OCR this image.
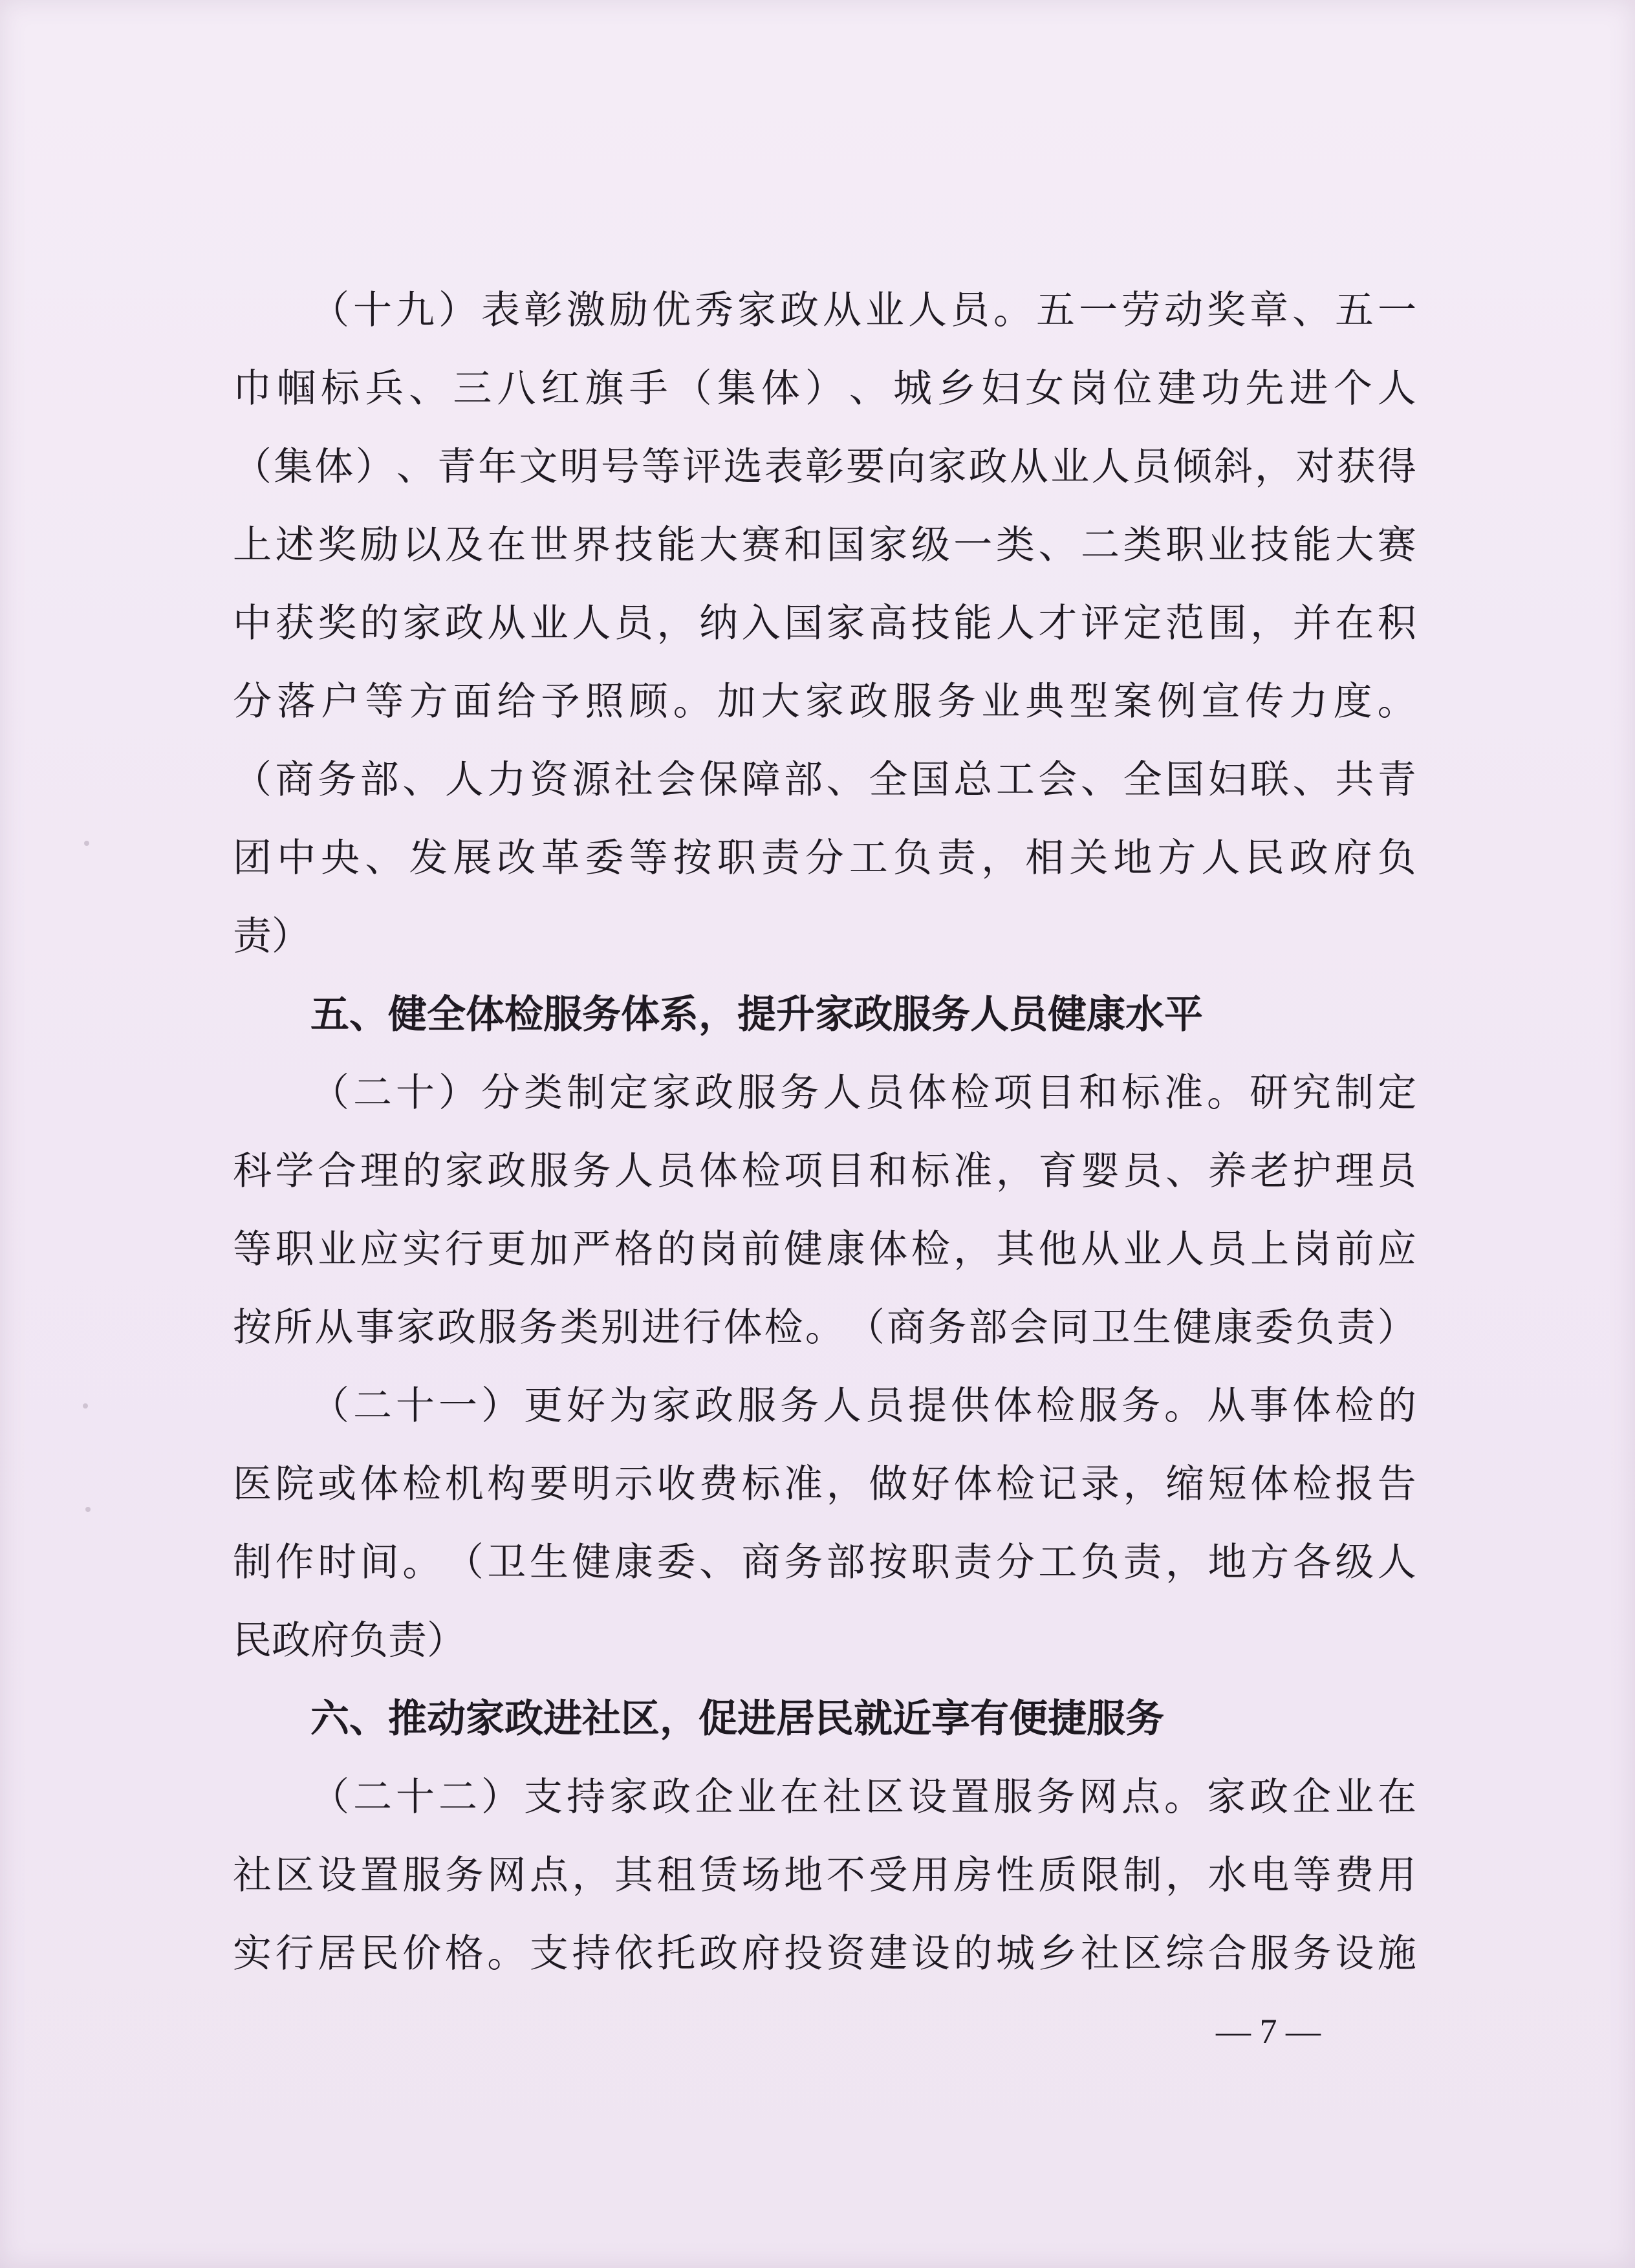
（ 十 九 ） 表 彰 激 励 优 秀 家 政 从 业 人 员 。 五 一 劳 动 奖 章 、 五 一
巾 帼 标 兵 、 三 八 红 旗 手 （ 集 体 ） 、 城 乡 妇 女 岗 位 建 功 先 进 个 人
（ 集 体 ） 、 青 年 文 明 号 等 评 选 表 彰 要 向 家 政 从 业 人 员 倾 斜 ， 对 获 得
上 述 奖 励 以 及 在 世 界 技 能 大 赛 和 国 家 级 一 类 、 二 类 职 业 技 能 大 赛
中 获 奖 的 家 政 从 业 人 员 ， 纳 入 国 家 高 技 能 人 才 评 定 范 围 ， 并 在 积
分 落 户 等 方 面 给 予 照 顾 。 加 大 家 政 服 务 业 典 型 案 例 宣 传 力 度 。
（ 商 务 部 、 人 力 资 源 社 会 保 障 部 、 全 国 总 工 会 、 全 国 妇 联 、 共 青
团 中 央 、 发 展 改 革 委 等 按 职 责 分 工 负 责 ， 相 关 地 方 人 民 政 府 负
责）
五、健全体检服务体系，提升家政服务人员健康水平
（ 二 十 ） 分 类 制 定 家 政 服 务 人 员 体 检 项 目 和 标 准 。 研 究 制 定
科 学 合 理 的 家 政 服 务 人 员 体 检 项 目 和 标 准 ， 育 婴 员 、 养 老 护 理 员
等 职 业 应 实 行 更 加 严 格 的 岗 前 健 康 体 检 ， 其 他 从 业 人 员 上 岗 前 应
按 所 从 事 家 政 服 务 类 别 进 行 体 检 。 （ 商 务 部 会 同 卫 生 健 康 委 负 责 ）
（ 二 十 一 ） 更 好 为 家 政 服 务 人 员 提 供 体 检 服 务 。 从 事 体 检 的
医 院 或 体 检 机 构 要 明 示 收 费 标 准 ， 做 好 体 检 记 录 ， 缩 短 体 检 报 告
制 作 时 间 。 （ 卫 生 健 康 委 、 商 务 部 按 职 责 分 工 负 责 ， 地 方 各 级 人
民政府负责）
六、推动家政进社区，促进居民就近享有便捷服务
（ 二 十 二 ） 支 持 家 政 企 业 在 社 区 设 置 服 务 网 点 。 家 政 企 业 在
社 区 设 置 服 务 网 点 ， 其 租 赁 场 地 不 受 用 房 性 质 限 制 ， 水 电 等 费 用
实 行 居 民 价 格 。 支 持 依 托 政 府 投 资 建 设 的 城 乡 社 区 综 合 服 务 设 施
— 7 —
